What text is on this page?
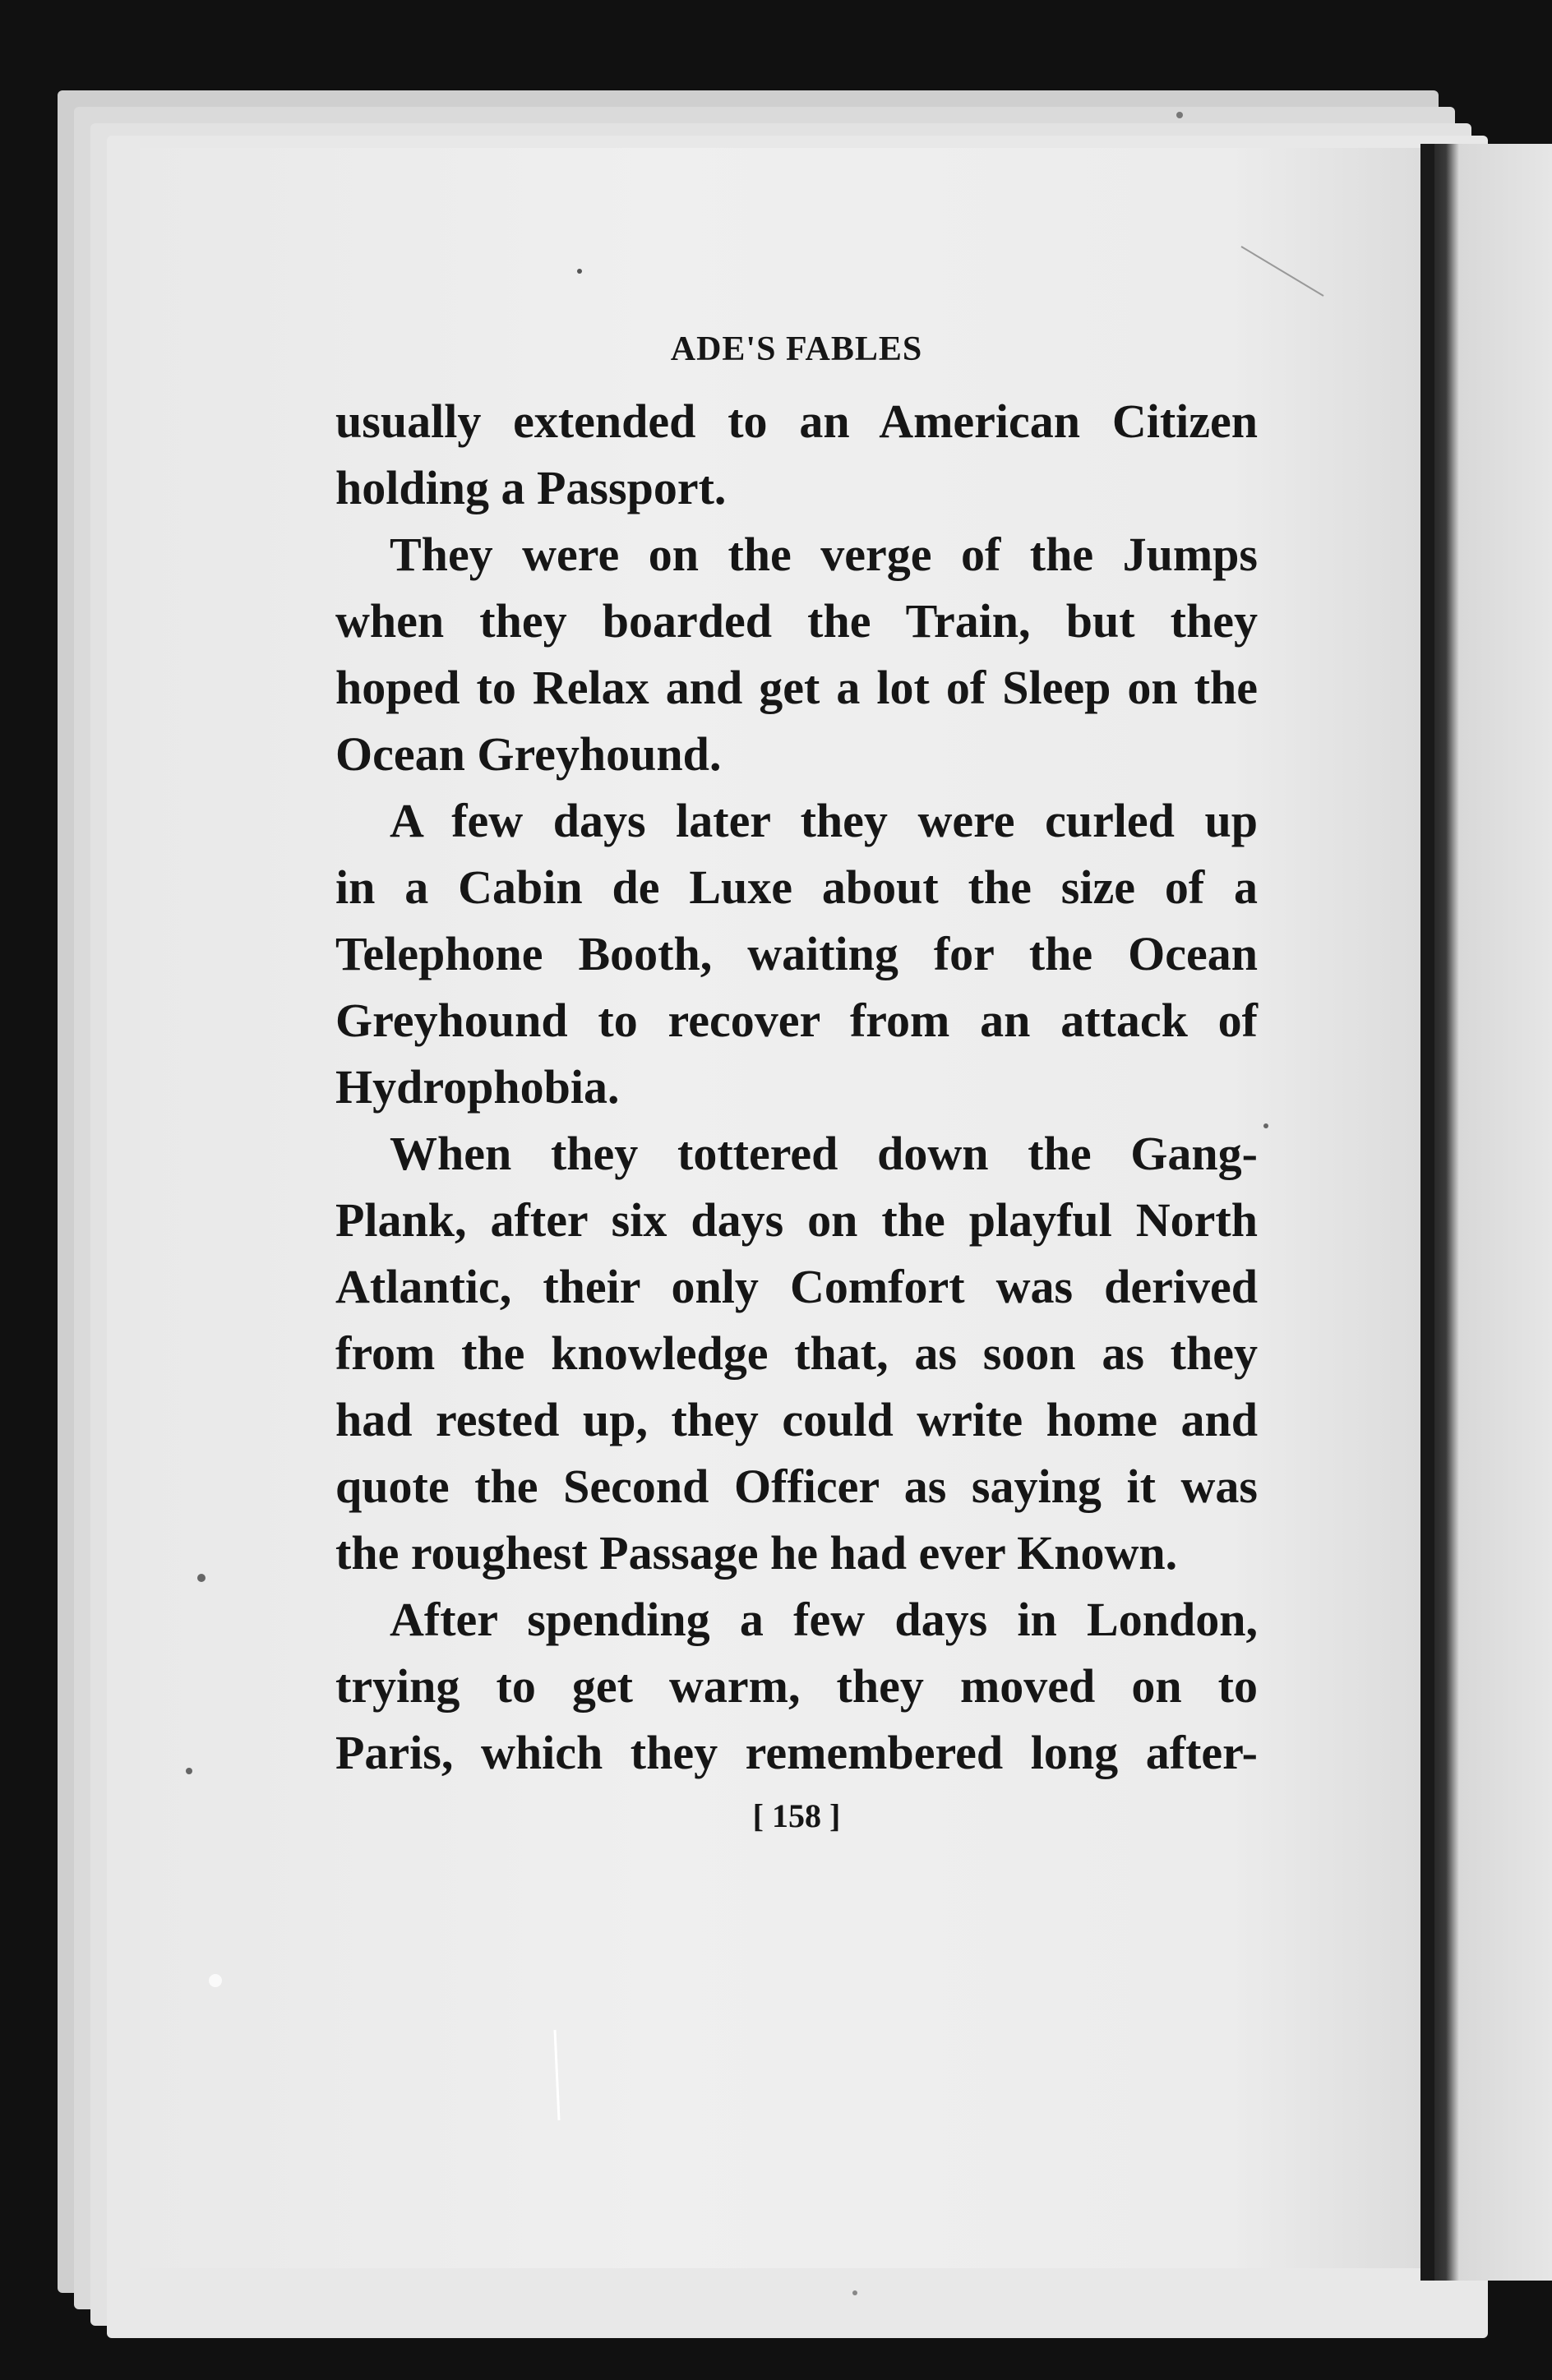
ADE'S FABLES

usually extended to an American Citizen
holding a Passport.

They were on the verge of the Jumps
when they boarded the Train, but they
hoped to Relax and get a lot of Sleep on the
Ocean Greyhound.

A few days later they were curled up
in a Cabin de Luxe about the size of a
Telephone Booth, waiting for the Ocean
Greyhound to recover from an attack of
Hydrophobia.

When they tottered down the Gang-
Plank, after six days on the playful North
Atlantic, their only Comfort was derived
from the knowledge that, as soon as they
had rested up, they could write home and
quote the Second Officer as saying it was
the roughest Passage he had ever Known.

After spending a few days in London,
trying to get warm, they moved on to
Paris, which they remembered long after-

[ 158 ]
